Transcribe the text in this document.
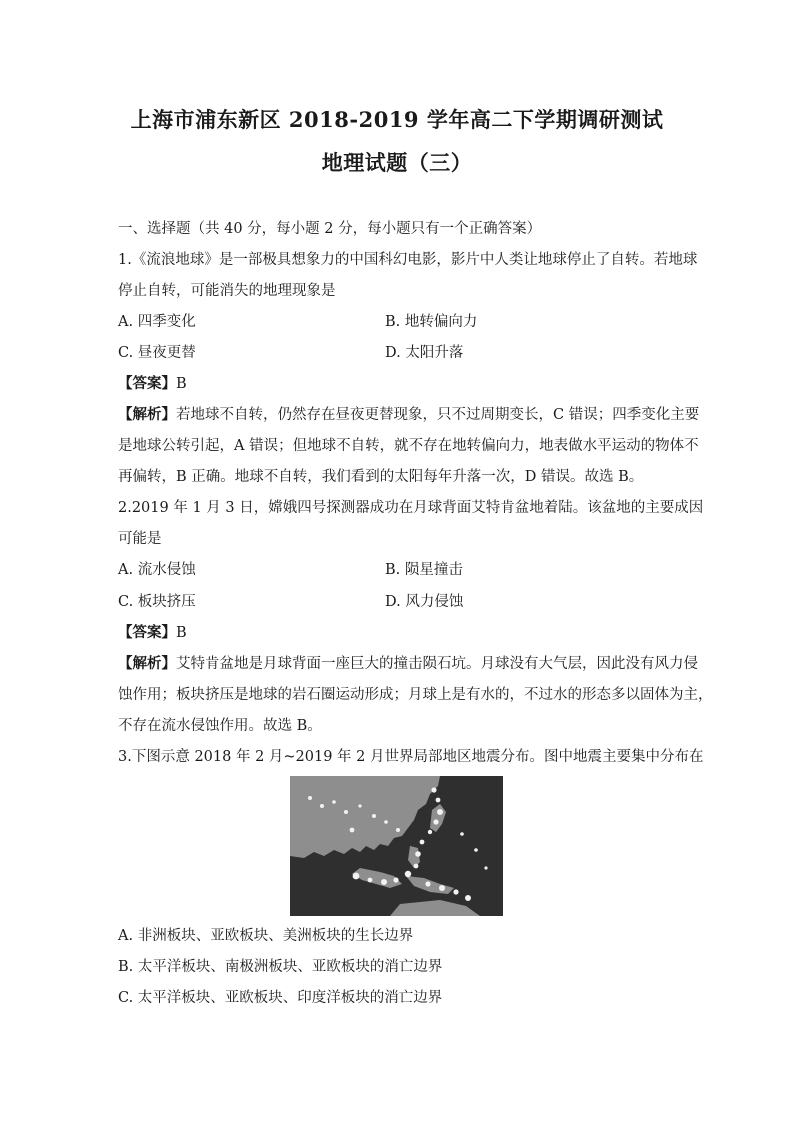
上海市浦东新区 2018-2019 学年高二下学期调研测试
地理试题（三）
一、选择题（共 40 分，每小题 2 分，每小题只有一个正确答案）
1.《流浪地球》是一部极具想象力的中国科幻电影，影片中人类让地球停止了自转。若地球
停止自转，可能消失的地理现象是
A. 四季变化	B. 地转偏向力
C. 昼夜更替	D. 太阳升落
【答案】B
【解析】若地球不自转，仍然存在昼夜更替现象，只不过周期变长，C 错误；四季变化主要
是地球公转引起，A 错误；但地球不自转，就不存在地转偏向力，地表做水平运动的物体不
再偏转，B 正确。地球不自转，我们看到的太阳每年升落一次，D 错误。故选 B。
2.2019 年 1 月 3 日，嫦娥四号探测器成功在月球背面艾特肯盆地着陆。该盆地的主要成因
可能是
A. 流水侵蚀	B. 陨星撞击
C. 板块挤压	D. 风力侵蚀
【答案】B
【解析】艾特肯盆地是月球背面一座巨大的撞击陨石坑。月球没有大气层，因此没有风力侵
蚀作用；板块挤压是地球的岩石圈运动形成；月球上是有水的，不过水的形态多以固体为主，
不存在流水侵蚀作用。故选 B。
3.下图示意 2018 年 2 月~2019 年 2 月世界局部地区地震分布。图中地震主要集中分布在
A. 非洲板块、亚欧板块、美洲板块的生长边界
B. 太平洋板块、南极洲板块、亚欧板块的消亡边界
C. 太平洋板块、亚欧板块、印度洋板块的消亡边界
